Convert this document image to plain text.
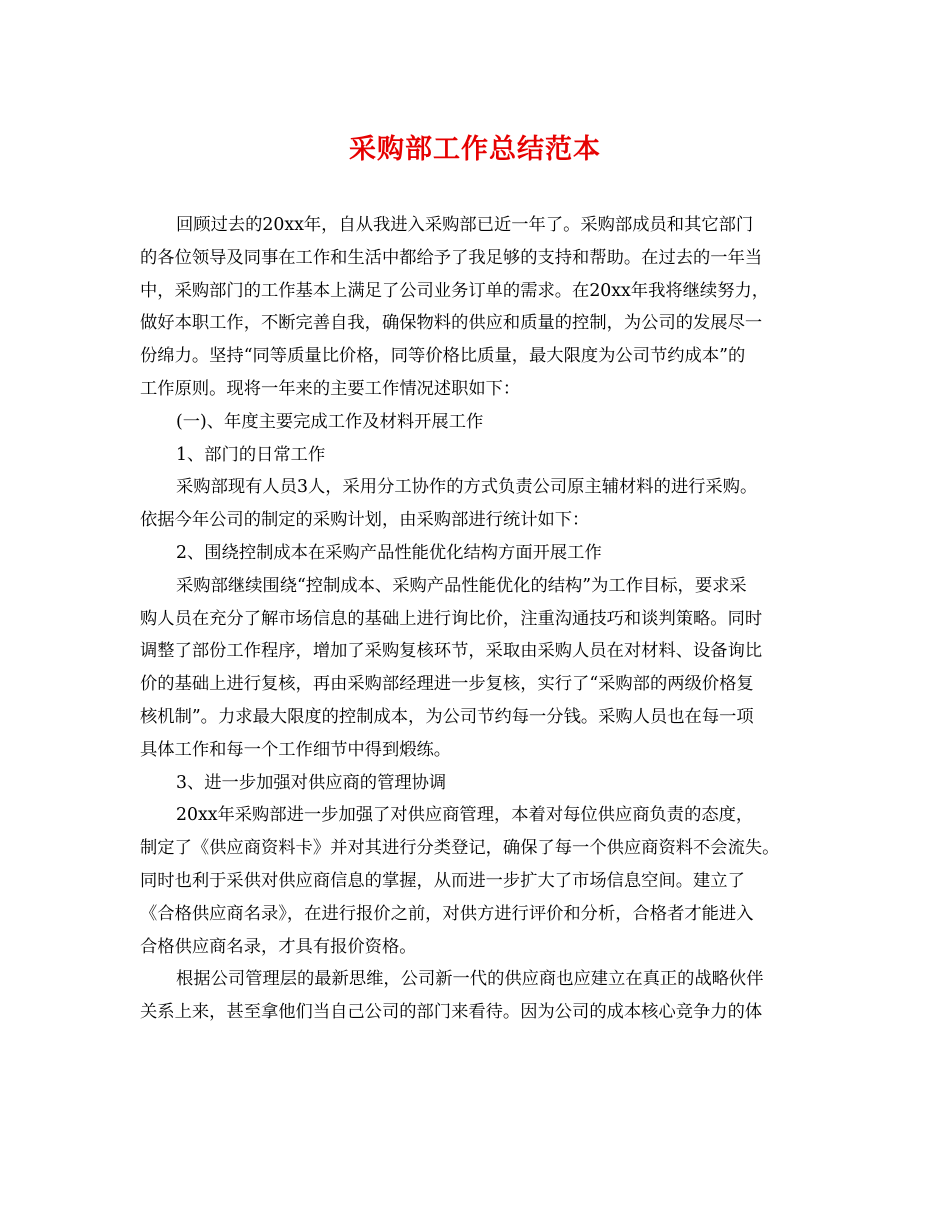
采购部工作总结范本
回顾过去的20xx年，自从我进入采购部已近一年了。采购部成员和其它部门
的各位领导及同事在工作和生活中都给予了我足够的支持和帮助。在过去的一年当
中，采购部门的工作基本上满足了公司业务订单的需求。在20xx年我将继续努力，
做好本职工作，不断完善自我，确保物料的供应和质量的控制，为公司的发展尽一
份绵力。坚持“同等质量比价格，同等价格比质量，最大限度为公司节约成本”的
工作原则。现将一年来的主要工作情况述职如下：
(一)、年度主要完成工作及材料开展工作
1、部门的日常工作
采购部现有人员3人，采用分工协作的方式负责公司原主辅材料的进行采购。
依据今年公司的制定的采购计划，由采购部进行统计如下：
2、围绕控制成本在采购产品性能优化结构方面开展工作
采购部继续围绕“控制成本、采购产品性能优化的结构”为工作目标，要求采
购人员在充分了解市场信息的基础上进行询比价，注重沟通技巧和谈判策略。同时
调整了部份工作程序，增加了采购复核环节，采取由采购人员在对材料、设备询比
价的基础上进行复核，再由采购部经理进一步复核，实行了“采购部的两级价格复
核机制”。力求最大限度的控制成本，为公司节约每一分钱。采购人员也在每一项
具体工作和每一个工作细节中得到煅练。
3、进一步加强对供应商的管理协调
20xx年采购部进一步加强了对供应商管理，本着对每位供应商负责的态度，
制定了《供应商资料卡》并对其进行分类登记，确保了每一个供应商资料不会流失。
同时也利于采供对供应商信息的掌握，从而进一步扩大了市场信息空间。建立了
《合格供应商名录》，在进行报价之前，对供方进行评价和分析，合格者才能进入
合格供应商名录，才具有报价资格。
根据公司管理层的最新思维，公司新一代的供应商也应建立在真正的战略伙伴
关系上来，甚至拿他们当自己公司的部门来看待。因为公司的成本核心竞争力的体
